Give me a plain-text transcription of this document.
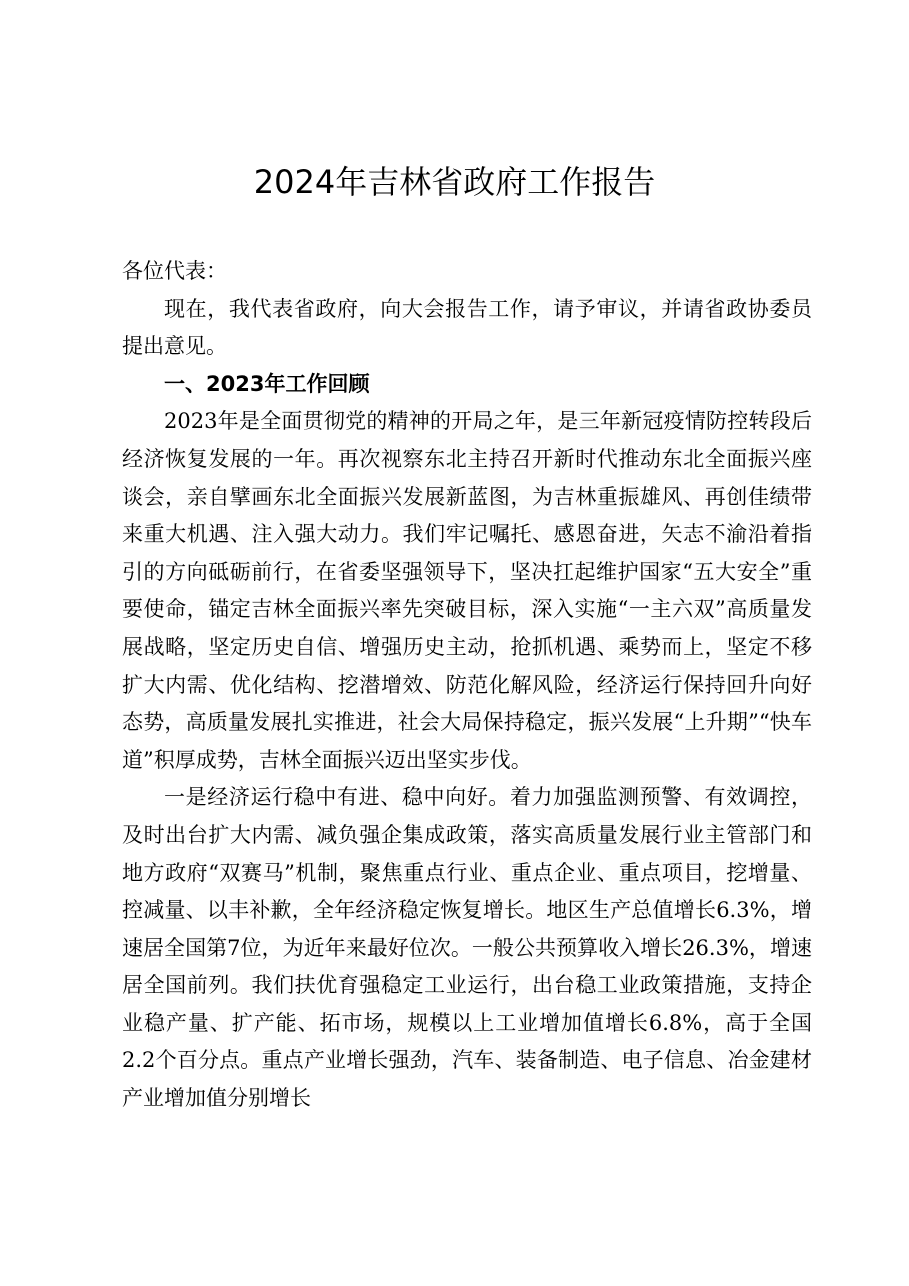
2024年吉林省政府工作报告

各位代表：

现在，我代表省政府，向大会报告工作，请予审议，并请省政协委员提出意见。

一、2023年工作回顾

2023年是全面贯彻党的精神的开局之年，是三年新冠疫情防控转段后经济恢复发展的一年。再次视察东北主持召开新时代推动东北全面振兴座谈会，亲自擘画东北全面振兴发展新蓝图，为吉林重振雄风、再创佳绩带来重大机遇、注入强大动力。我们牢记嘱托、感恩奋进，矢志不渝沿着指引的方向砥砺前行，在省委坚强领导下，坚决扛起维护国家“五大安全”重要使命，锚定吉林全面振兴率先突破目标，深入实施“一主六双”高质量发展战略，坚定历史自信、增强历史主动，抢抓机遇、乘势而上，坚定不移扩大内需、优化结构、挖潜增效、防范化解风险，经济运行保持回升向好态势，高质量发展扎实推进，社会大局保持稳定，振兴发展“上升期”“快车道”积厚成势，吉林全面振兴迈出坚实步伐。

一是经济运行稳中有进、稳中向好。着力加强监测预警、有效调控，及时出台扩大内需、减负强企集成政策，落实高质量发展行业主管部门和地方政府“双赛马”机制，聚焦重点行业、重点企业、重点项目，挖增量、控减量、以丰补歉，全年经济稳定恢复增长。地区生产总值增长6.3%，增速居全国第7位，为近年来最好位次。一般公共预算收入增长26.3%，增速居全国前列。我们扶优育强稳定工业运行，出台稳工业政策措施，支持企业稳产量、扩产能、拓市场，规模以上工业增加值增长6.8%，高于全国2.2个百分点。重点产业增长强劲，汽车、装备制造、电子信息、冶金建材产业增加值分别增长
